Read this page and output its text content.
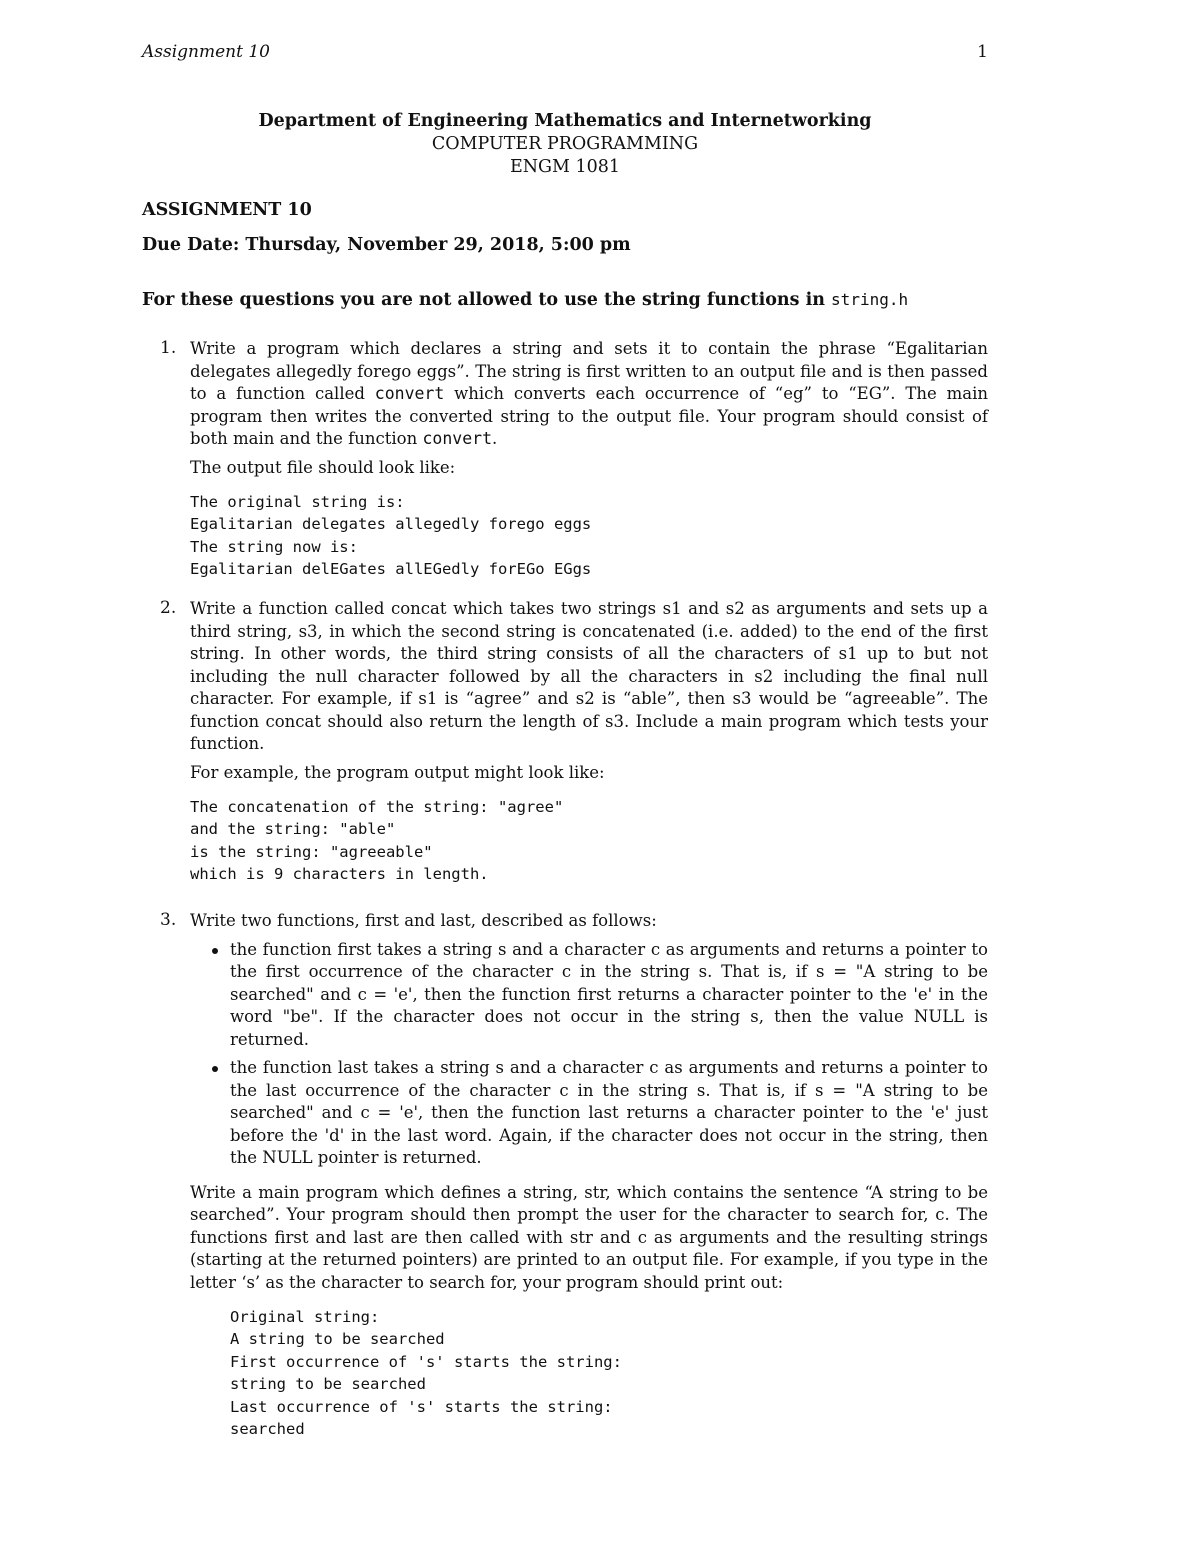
Assignment 10	1
Department of Engineering Mathematics and Internetworking
COMPUTER PROGRAMMING
ENGM 1081
ASSIGNMENT 10
Due Date: Thursday, November 29, 2018, 5:00 pm
For these questions you are not allowed to use the string functions in string.h
1. Write a program which declares a string and sets it to contain the phrase “Egalitarian delegates allegedly forego eggs”. The string is first written to an output file and is then passed to a function called convert which converts each occurrence of “eg” to “EG”. The main program then writes the converted string to the output file. Your program should consist of both main and the function convert.

The output file should look like:

The original string is:
Egalitarian delegates allegedly forego eggs
The string now is:
Egalitarian delEGates allEGedly forEGo EGgs
2. Write a function called concat which takes two strings s1 and s2 as arguments and sets up a third string, s3, in which the second string is concatenated (i.e. added) to the end of the first string. In other words, the third string consists of all the characters of s1 up to but not including the null character followed by all the characters in s2 including the final null character. For example, if s1 is “agree” and s2 is “able”, then s3 would be “agreeable”. The function concat should also return the length of s3. Include a main program which tests your function.

For example, the program output might look like:

The concatenation of the string: "agree"
and the string: "able"
is the string: "agreeable"
which is 9 characters in length.
3. Write two functions, first and last, described as follows:

the function first takes a string s and a character c as arguments and returns a pointer to the first occurrence of the character c in the string s. That is, if s = "A string to be searched" and c = 'e', then the function first returns a character pointer to the 'e' in the word "be". If the character does not occur in the string s, then the value NULL is returned.
the function last takes a string s and a character c as arguments and returns a pointer to the last occurrence of the character c in the string s. That is, if s = "A string to be searched" and c = 'e', then the function last returns a character pointer to the 'e' just before the 'd' in the last word. Again, if the character does not occur in the string, then the NULL pointer is returned.

Write a main program which defines a string, str, which contains the sentence “A string to be searched”. Your program should then prompt the user for the character to search for, c. The functions first and last are then called with str and c as arguments and the resulting strings (starting at the returned pointers) are printed to an output file. For example, if you type in the letter ‘s’ as the character to search for, your program should print out:

Original string:
A string to be searched
First occurrence of 's' starts the string:
string to be searched
Last occurrence of 's' starts the string:
searched
